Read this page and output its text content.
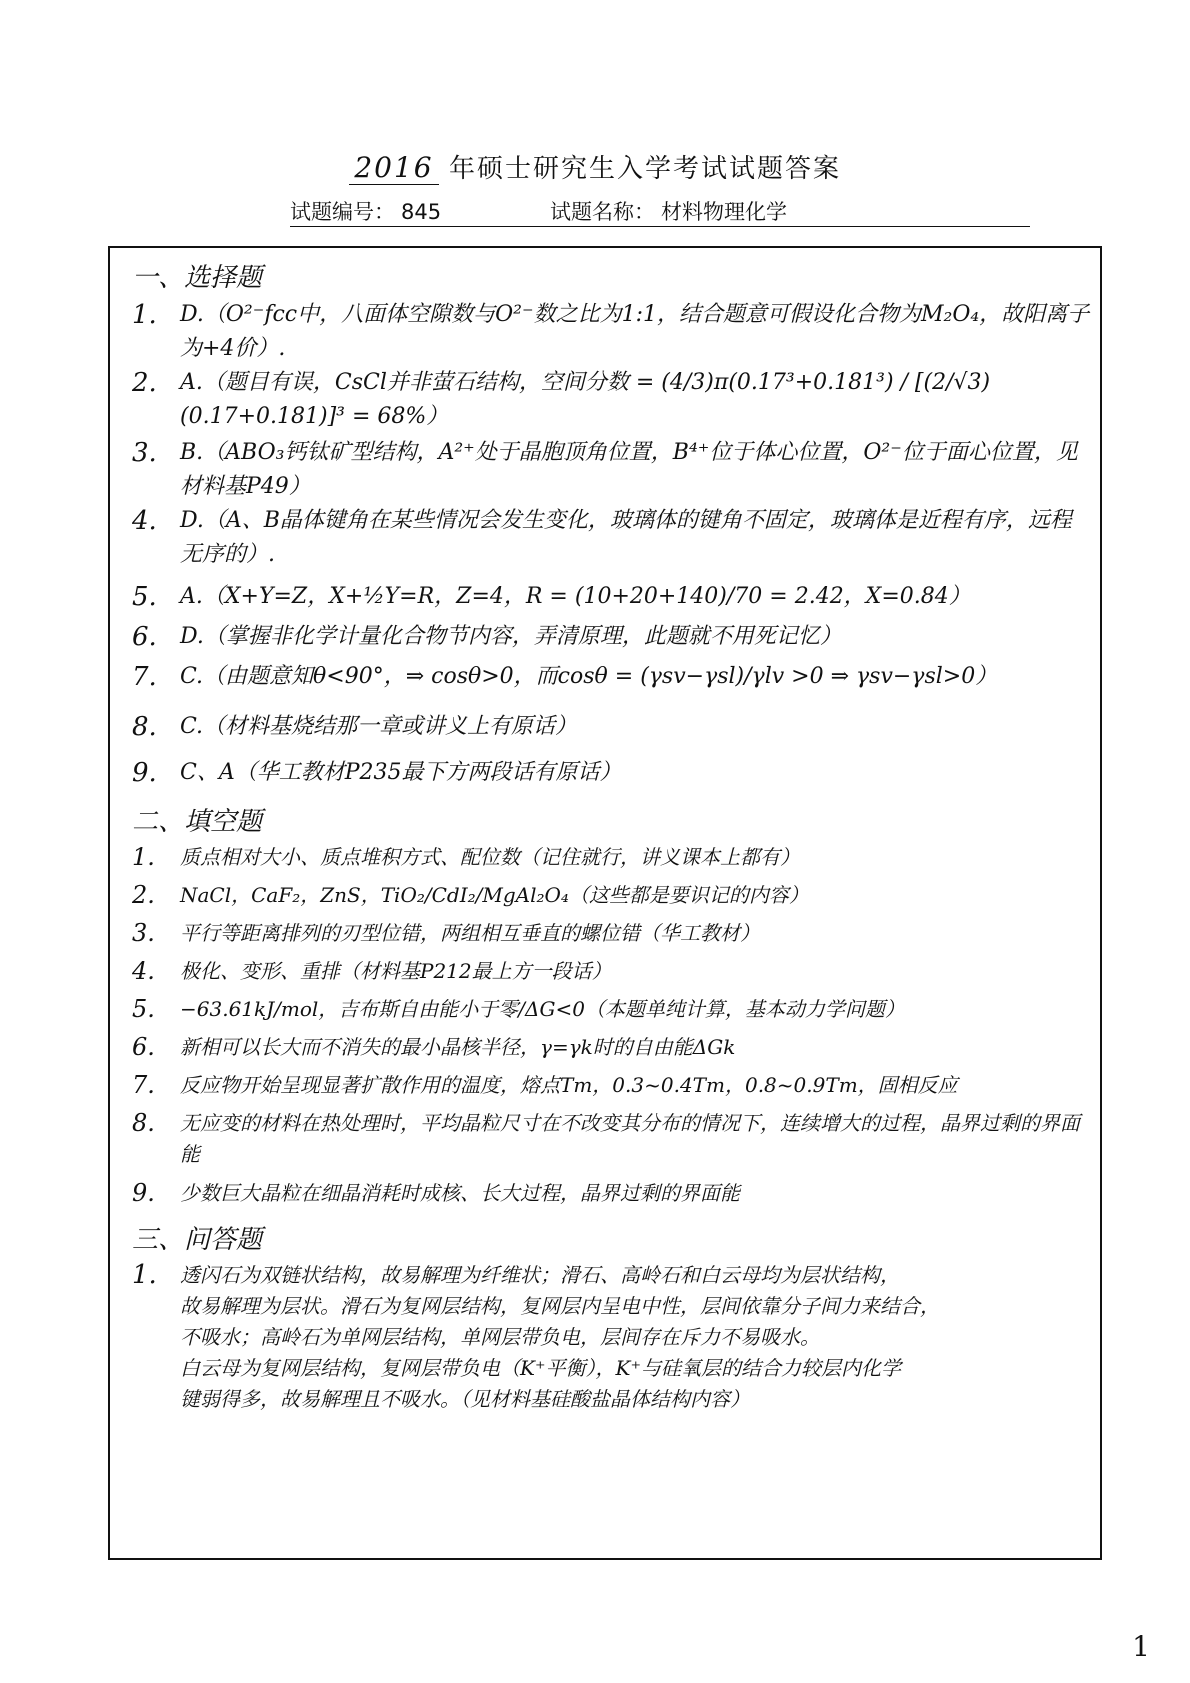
2016 年硕士研究生入学考试试题答案
试题编号： 845	试题名称： 材料物理化学
一、选择题
1. D.（O²⁻fcc中，八面体空隙数与O²⁻数之比为1:1，结合题意可假设化合物为M₂O₄，故阳离子为+4价）.
2. A.（题目有误，CsCl并非萤石结构，空间分数 = (4/3)π(0.17³+0.181³) / [(2/√3)(0.17+0.181)]³ = 68%）
3. B.（ABO₃钙钛矿型结构，A²⁺处于晶胞顶角位置，B⁴⁺位于体心位置，O²⁻位于面心位置，见材料基P49）
4. D.（A、B晶体键角在某些情况会发生变化，玻璃体的键角不固定，玻璃体是近程有序，远程无序的）.
5. A.（X+Y=Z，X+½Y=R，Z=4，R = (10+20+140)/70 = 2.42，X=0.84）
6. D.（掌握非化学计量化合物节内容，弄清原理，此题就不用死记忆）
7. C.（由题意知θ<90°，⇒ cosθ>0，而cosθ = (γsv−γsl)/γlv >0 ⇒ γsv−γsl>0）
8. C.（材料基烧结那一章或讲义上有原话）
9. C、A（华工教材P235最下方两段话有原话）
二、填空题
1. 质点相对大小、质点堆积方式、配位数（记住就行，讲义课本上都有）
2. NaCl，CaF₂，ZnS，TiO₂/CdI₂/MgAl₂O₄（这些都是要识记的内容）
3. 平行等距离排列的刃型位错，两组相互垂直的螺位错（华工教材）
4. 极化、变形、重排（材料基P212最上方一段话）
5. −63.61kJ/mol，吉布斯自由能小于零/ΔG<0（本题单纯计算，基本动力学问题）
6. 新相可以长大而不消失的最小晶核半径，γ=γk时的自由能ΔGk
7. 反应物开始呈现显著扩散作用的温度，熔点Tm，0.3~0.4Tm，0.8~0.9Tm，固相反应
8. 无应变的材料在热处理时，平均晶粒尺寸在不改变其分布的情况下，连续增大的过程，晶界过剩的界面能
9. 少数巨大晶粒在细晶消耗时成核、长大过程，晶界过剩的界面能
三、问答题
1. 透闪石为双链状结构，故易解理为纤维状；滑石、高岭石和白云母均为层状结构，

故易解理为层状。滑石为复网层结构，复网层内呈电中性，层间依靠分子间力来结合，

不吸水；高岭石为单网层结构，单网层带负电，层间存在斥力不易吸水。

白云母为复网层结构，复网层带负电（K⁺平衡），K⁺与硅氧层的结合力较层内化学

键弱得多，故易解理且不吸水。（见材料基硅酸盐晶体结构内容）

1
